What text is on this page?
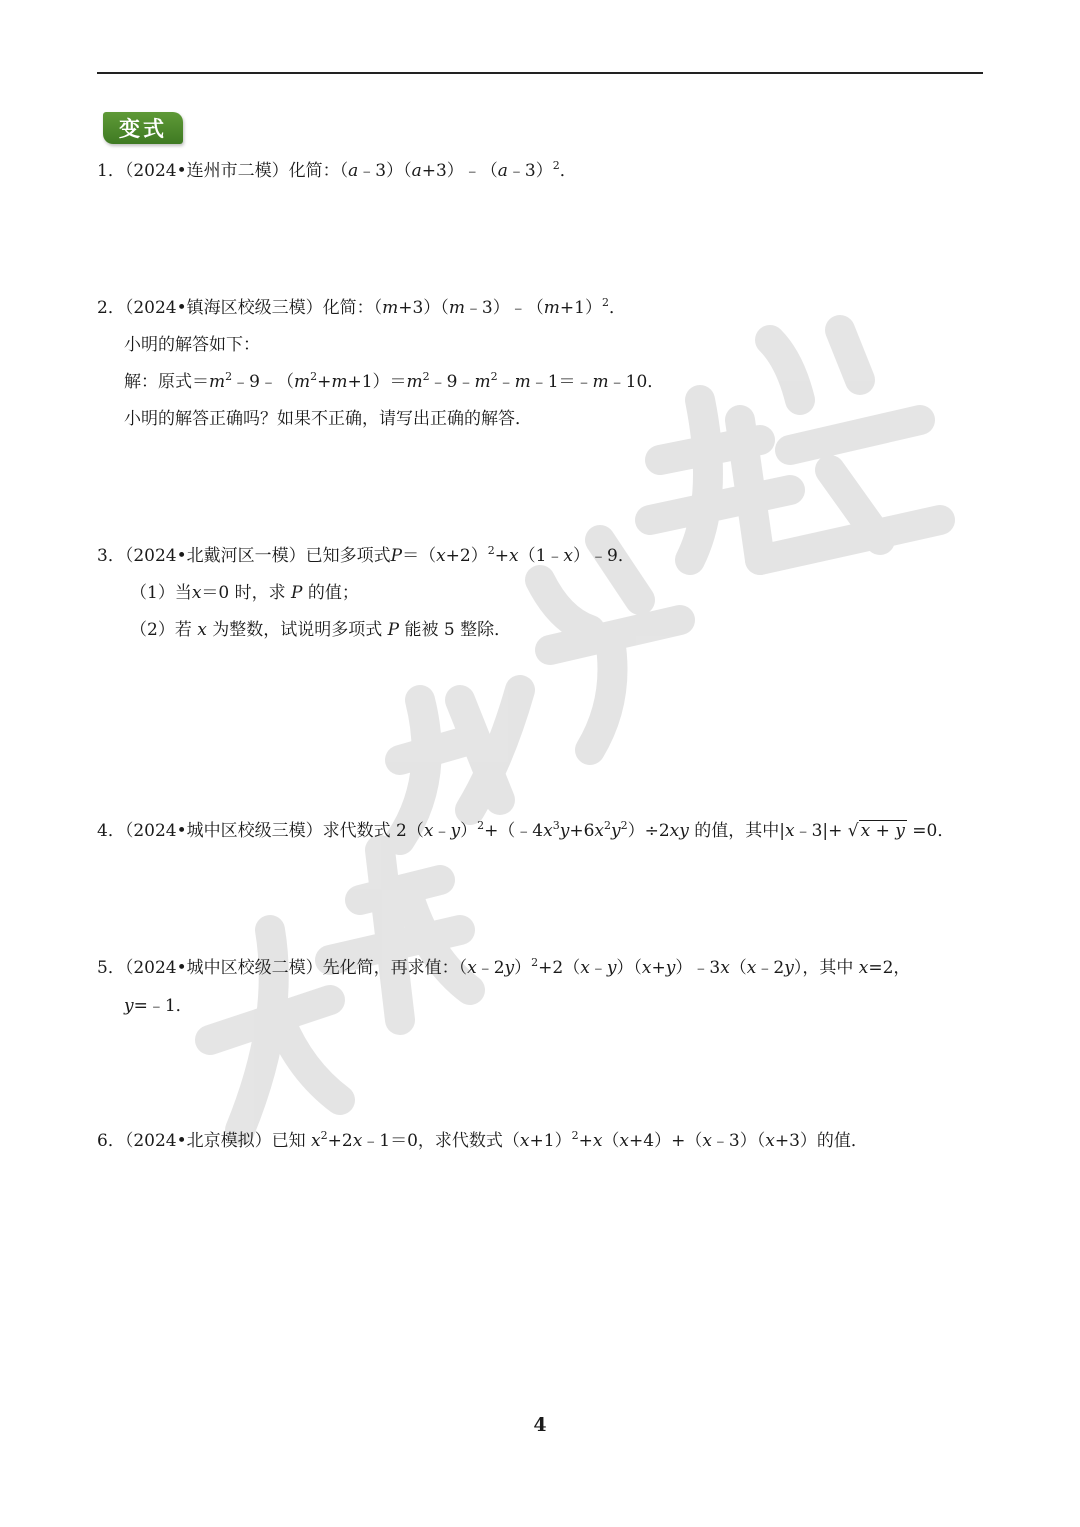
变式
1．（2024•连州市二模）化简：（a﹣3）（a+3）﹣（a﹣3）$^2$．
2．（2024•镇海区校级三模）化简：$(m+3)(m﹣3)﹣(m+1)^2$．
小明的解答如下：
解：原式$=m^2﹣9﹣(m^2+m+1)=m^2﹣9﹣m^2﹣m﹣1=﹣m﹣10$．
小明的解答正确吗？如果不正确，请写出正确的解答．
3．（2024•北戴河区一模）已知多项式$P=(x+2)^2+x(1﹣x)﹣9$．
（1）当x＝0 时，求 P 的值；
（2）若 x 为整数，试说明多项式 P 能被 5 整除．
4．（2024•城中区校级三模）求代数式 $2(x﹣y)^2+(﹣4x^3y+6x^2y^2)\div 2xy$ 的值，其中|x﹣3|+ √ x + y =0．
5．（2024•城中区校级二模）先化简，再求值：（x﹣2y）$^2$+2（x﹣y）（x+y）﹣3x（x﹣2y），其中 x=2，
y=﹣1．
6．（2024•北京模拟）已知 $x^2+2x﹣1=0$，求代数式$(x+1)^2+x(x+4)+(x﹣3)(x+3)$的值．
4
